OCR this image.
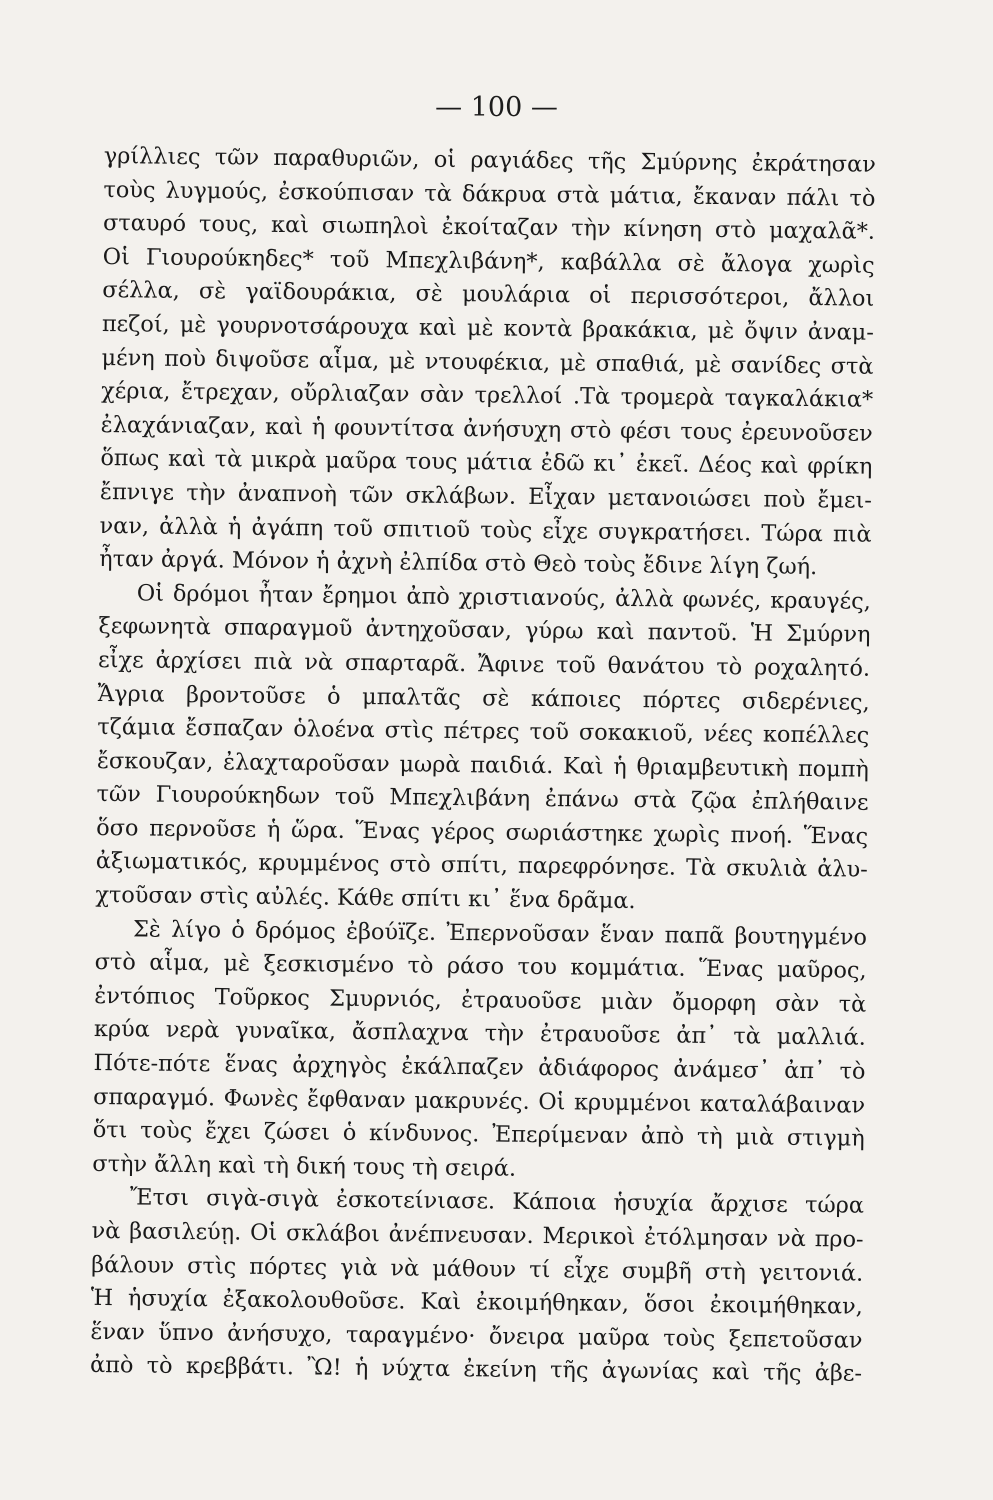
— 100 —
γρίλλιες τῶν παραθυριῶν, οἱ ραγιάδες τῆς Σμύρνης ἐκράτησαν
τοὺς λυγμούς, ἐσκούπισαν τὰ δάκρυα στὰ μάτια, ἔκαναν πάλι τὸ
σταυρό τους, καὶ σιωπηλοὶ ἐκοίταζαν τὴν κίνηση στὸ μαχαλᾶ*.
Οἱ Γιουρούκηδες* τοῦ Μπεχλιβάνη*, καβάλλα σὲ ἄλογα χωρὶς
σέλλα, σὲ γαϊδουράκια, σὲ μουλάρια οἱ περισσότεροι, ἄλλοι
πεζοί, μὲ γουρνοτσάρουχα καὶ μὲ κοντὰ βρακάκια, μὲ ὄψιν ἀναμ-
μένη ποὺ διψοῦσε αἷμα, μὲ ντουφέκια, μὲ σπαθιά, μὲ σανίδες στὰ
χέρια, ἔτρεχαν, οὔρλιαζαν σὰν τρελλοί .Τὰ τρομερὰ ταγκαλάκια*
ἐλαχάνιαζαν, καὶ ἡ φουντίτσα ἀνήσυχη στὸ φέσι τους ἐρευνοῦσεν
ὅπως καὶ τὰ μικρὰ μαῦρα τους μάτια ἐδῶ κι᾽ ἐκεῖ. Δέος καὶ φρίκη
ἔπνιγε τὴν ἀναπνοὴ τῶν σκλάβων. Εἶχαν μετανοιώσει ποὺ ἔμει-
ναν, ἀλλὰ ἡ ἀγάπη τοῦ σπιτιοῦ τοὺς εἶχε συγκρατήσει. Τώρα πιὰ
ἦταν ἀργά. Μόνον ἡ ἀχνὴ ἐλπίδα στὸ Θεὸ τοὺς ἔδινε λίγη ζωή.
Οἱ δρόμοι ἦταν ἔρημοι ἀπὸ χριστιανούς, ἀλλὰ φωνές, κραυγές,
ξεφωνητὰ σπαραγμοῦ ἀντηχοῦσαν, γύρω καὶ παντοῦ. Ἡ Σμύρνη
εἶχε ἀρχίσει πιὰ νὰ σπαρταρᾶ. Ἄφινε τοῦ θανάτου τὸ ροχαλητό.
Ἄγρια βροντοῦσε ὁ μπαλτᾶς σὲ κάποιες πόρτες σιδερένιες,
τζάμια ἔσπαζαν ὁλοένα στὶς πέτρες τοῦ σοκακιοῦ, νέες κοπέλλες
ἔσκουζαν, ἐλαχταροῦσαν μωρὰ παιδιά. Καὶ ἡ θριαμβευτικὴ πομπὴ
τῶν Γιουρούκηδων τοῦ Μπεχλιβάνη ἐπάνω στὰ ζῷα ἐπλήθαινε
ὅσο περνοῦσε ἡ ὥρα. Ἕνας γέρος σωριάστηκε χωρὶς πνοή. Ἕνας
ἀξιωματικός, κρυμμένος στὸ σπίτι, παρεφρόνησε. Τὰ σκυλιὰ ἀλυ-
χτοῦσαν στὶς αὐλές. Κάθε σπίτι κι᾽ ἕνα δρᾶμα.
Σὲ λίγο ὁ δρόμος ἐβούïζε. Ἐπερνοῦσαν ἕναν παπᾶ βουτηγμένο
στὸ αἷμα, μὲ ξεσκισμένο τὸ ράσο του κομμάτια. Ἕνας μαῦρος,
ἐντόπιος Τοῦρκος Σμυρνιός, ἐτραυοῦσε μιὰν ὄμορφη σὰν τὰ
κρύα νερὰ γυναῖκα, ἄσπλαχνα τὴν ἐτραυοῦσε ἀπ᾽ τὰ μαλλιά.
Πότε-πότε ἕνας ἀρχηγὸς ἐκάλπαζεν ἀδιάφορος ἀνάμεσ᾽ ἀπ᾽ τὸ
σπαραγμό. Φωνὲς ἔφθαναν μακρυνές. Οἱ κρυμμένοι καταλάβαιναν
ὅτι τοὺς ἔχει ζώσει ὁ κίνδυνος. Ἐπερίμεναν ἀπὸ τὴ μιὰ στιγμὴ
στὴν ἄλλη καὶ τὴ δική τους τὴ σειρά.
Ἔτσι σιγὰ-σιγὰ ἐσκοτείνιασε. Κάποια ἡσυχία ἄρχισε τώρα
νὰ βασιλεύῃ. Οἱ σκλάβοι ἀνέπνευσαν. Μερικοὶ ἐτόλμησαν νὰ προ-
βάλουν στὶς πόρτες γιὰ νὰ μάθουν τί εἶχε συμβῆ στὴ γειτονιά.
Ἡ ἡσυχία ἐξακολουθοῦσε. Καὶ ἐκοιμήθηκαν, ὅσοι ἐκοιμήθηκαν,
ἕναν ὕπνο ἀνήσυχο, ταραγμένο· ὄνειρα μαῦρα τοὺς ξεπετοῦσαν
ἀπὸ τὸ κρεββάτι. Ὢ! ἡ νύχτα ἐκείνη τῆς ἀγωνίας καὶ τῆς ἀβε-
